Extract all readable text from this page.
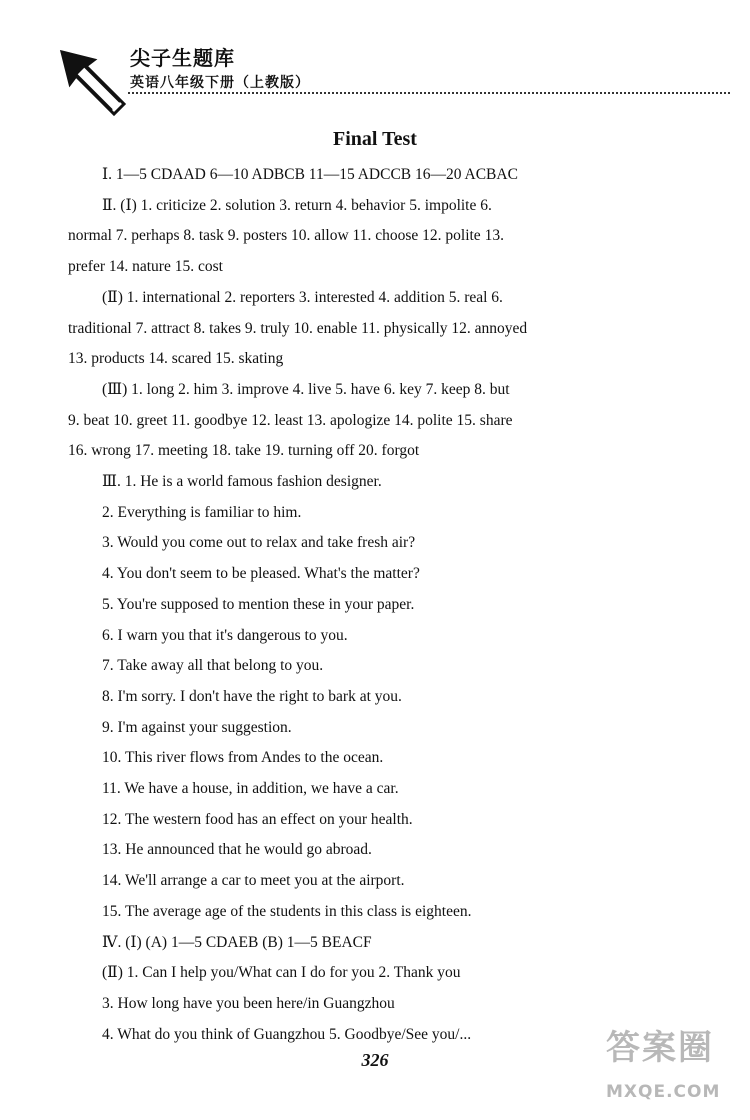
尖子生题库
英语八年级下册（上教版）
Final Test
Ⅰ. 1—5 CDAAD 6—10 ADBCB 11—15 ADCCB 16—20 ACBAC
Ⅱ. (Ⅰ) 1. criticize 2. solution 3. return 4. behavior 5. impolite 6.
normal 7. perhaps 8. task 9. posters 10. allow 11. choose 12. polite 13.
prefer 14. nature 15. cost
(Ⅱ) 1. international 2. reporters 3. interested 4. addition 5. real 6.
traditional 7. attract 8. takes 9. truly 10. enable 11. physically 12. annoyed
13. products 14. scared 15. skating
(Ⅲ) 1. long 2. him 3. improve 4. live 5. have 6. key 7. keep 8. but
9. beat 10. greet 11. goodbye 12. least 13. apologize 14. polite 15. share
16. wrong 17. meeting 18. take 19. turning off 20. forgot
Ⅲ. 1. He is a world famous fashion designer.
2. Everything is familiar to him.
3. Would you come out to relax and take fresh air?
4. You don't seem to be pleased. What's the matter?
5. You're supposed to mention these in your paper.
6. I warn you that it's dangerous to you.
7. Take away all that belong to you.
8. I'm sorry. I don't have the right to bark at you.
9. I'm against your suggestion.
10. This river flows from Andes to the ocean.
11. We have a house, in addition, we have a car.
12. The western food has an effect on your health.
13. He announced that he would go abroad.
14. We'll arrange a car to meet you at the airport.
15. The average age of the students in this class is eighteen.
Ⅳ. (Ⅰ) (A) 1—5 CDAEB (B) 1—5 BEACF
(Ⅱ) 1. Can I help you/What can I do for you 2. Thank you
3. How long have you been here/in Guangzhou
4. What do you think of Guangzhou 5. Goodbye/See you/...
326	答案圈
MXQE.COM
